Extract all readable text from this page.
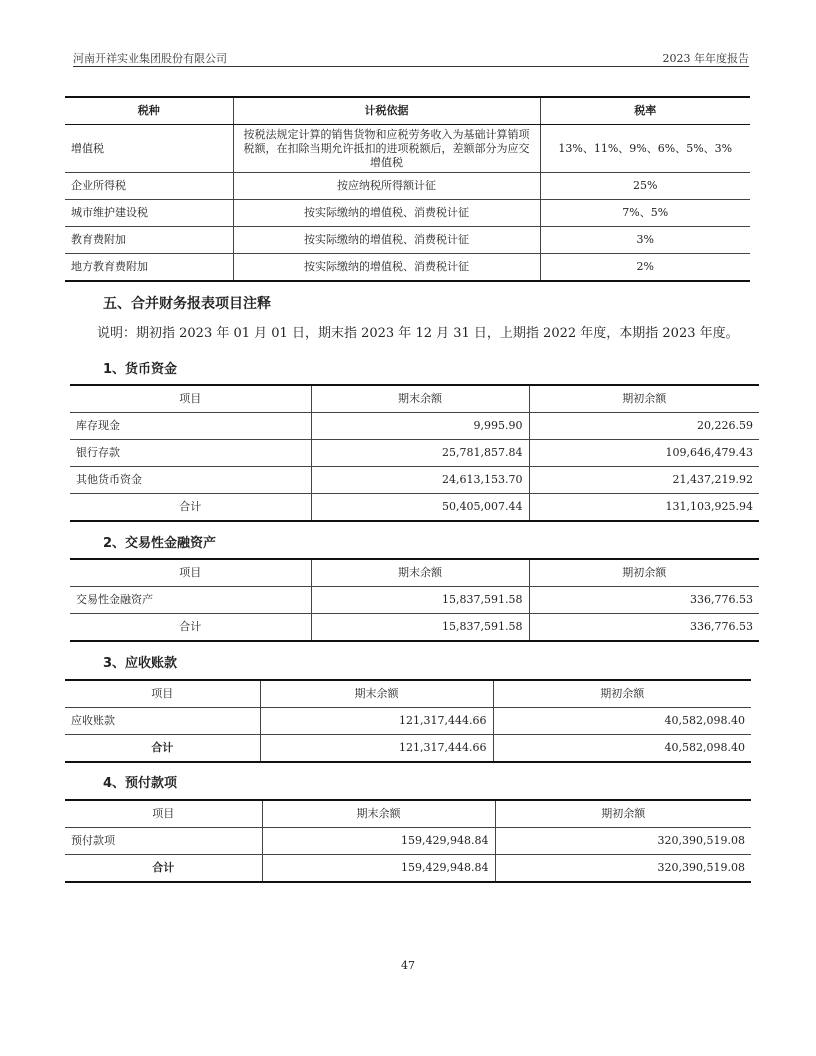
河南开祥实业集团股份有限公司	2023 年年度报告
税种	计税依据	税率
增值税	按税法规定计算的销售货物和应税劳务收入为基础计算销项税额，在扣除当期允许抵扣的进项税额后，差额部分为应交增值税	13%、11%、9%、6%、5%、3%
企业所得税	按应纳税所得额计征	25%
城市维护建设税	按实际缴纳的增值税、消费税计征	7%、5%
教育费附加	按实际缴纳的增值税、消费税计征	3%
地方教育费附加	按实际缴纳的增值税、消费税计征	2%
五、合并财务报表项目注释
说明：期初指 2023 年 01 月 01 日，期末指 2023 年 12 月 31 日，上期指 2022 年度，本期指 2023 年度。
1、货币资金
项目	期末余额	期初余额
库存现金	9,995.90	20,226.59
银行存款	25,781,857.84	109,646,479.43
其他货币资金	24,613,153.70	21,437,219.92
合计	50,405,007.44	131,103,925.94
2、交易性金融资产
项目	期末余额	期初余额
交易性金融资产	15,837,591.58	336,776.53
合计	15,837,591.58	336,776.53
3、应收账款
项目	期末余额	期初余额
应收账款	121,317,444.66	40,582,098.40
合计	121,317,444.66	40,582,098.40
4、预付款项
项目	期末余额	期初余额
预付款项	159,429,948.84	320,390,519.08
合计	159,429,948.84	320,390,519.08
47
